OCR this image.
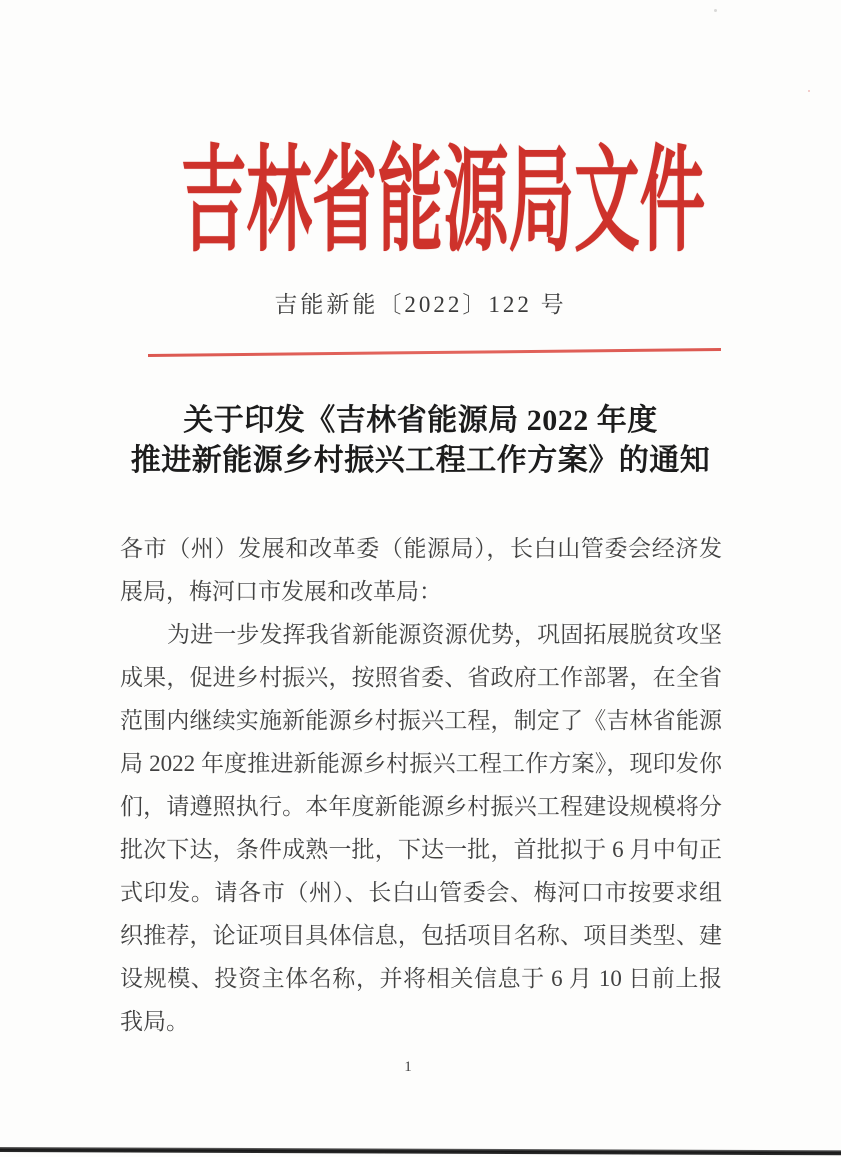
吉林省能源局文件
吉能新能〔2022〕122 号
关于印发《吉林省能源局 2022 年度
推进新能源乡村振兴工程工作方案》的通知
各市（州）发展和改革委（能源局），长白山管委会经济发
展局，梅河口市发展和改革局：
为进一步发挥我省新能源资源优势，巩固拓展脱贫攻坚
成果，促进乡村振兴，按照省委、省政府工作部署，在全省
范围内继续实施新能源乡村振兴工程，制定了《吉林省能源
局 2022 年度推进新能源乡村振兴工程工作方案》，现印发你
们，请遵照执行。本年度新能源乡村振兴工程建设规模将分
批次下达，条件成熟一批，下达一批，首批拟于 6 月中旬正
式印发。请各市（州）、长白山管委会、梅河口市按要求组
织推荐，论证项目具体信息，包括项目名称、项目类型、建
设规模、投资主体名称，并将相关信息于 6 月 10 日前上报
我局。
1
